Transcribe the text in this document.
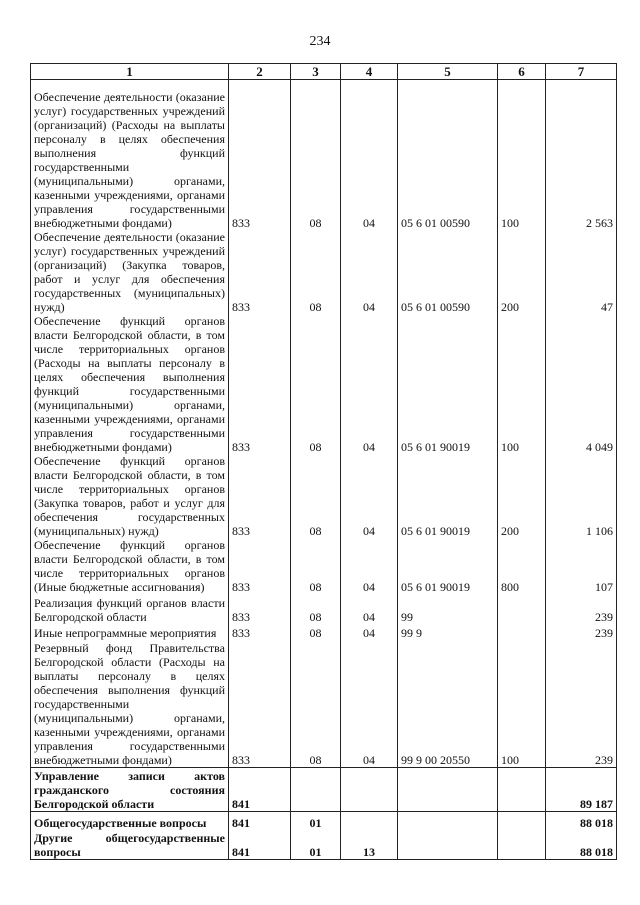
234
1	2	3	4	5	6	7
Обеспечение деятельности (оказание услуг) государственных учреждений (организаций) (Расходы на выплаты персоналу в целях обеспечения выполнения функций государственными (муниципальными) органами, казенными учреждениями, органами управления государственными внебюджетными фондами)	833	08	04	05 6 01 00590	100	2 563
Обеспечение деятельности (оказание услуг) государственных учреждений (организаций) (Закупка товаров, работ и услуг для обеспечения государственных (муниципальных) нужд)	833	08	04	05 6 01 00590	200	47
Обеспечение функций органов власти Белгородской области, в том числе территориальных органов (Расходы на выплаты персоналу в целях обеспечения выполнения функций государственными (муниципальными) органами, казенными учреждениями, органами управления государственными внебюджетными фондами)	833	08	04	05 6 01 90019	100	4 049
Обеспечение функций органов власти Белгородской области, в том числе территориальных органов (Закупка товаров, работ и услуг для обеспечения государственных (муниципальных) нужд)	833	08	04	05 6 01 90019	200	1 106
Обеспечение функций органов власти Белгородской области, в том числе территориальных органов (Иные бюджетные ассигнования)	833	08	04	05 6 01 90019	800	107
Реализация функций органов власти Белгородской области	833	08	04	99		239
Иные непрограммные мероприятия	833	08	04	99 9		239
Резервный фонд Правительства Белгородской области (Расходы на выплаты персоналу в целях обеспечения выполнения функций государственными (муниципальными) органами, казенными учреждениями, органами управления государственными внебюджетными фондами)	833	08	04	99 9 00 20550	100	239
Управление записи актов гражданского состояния Белгородской области	841					89 187
Общегосударственные вопросы	841	01				88 018
Другие общегосударственные вопросы	841	01	13			88 018
